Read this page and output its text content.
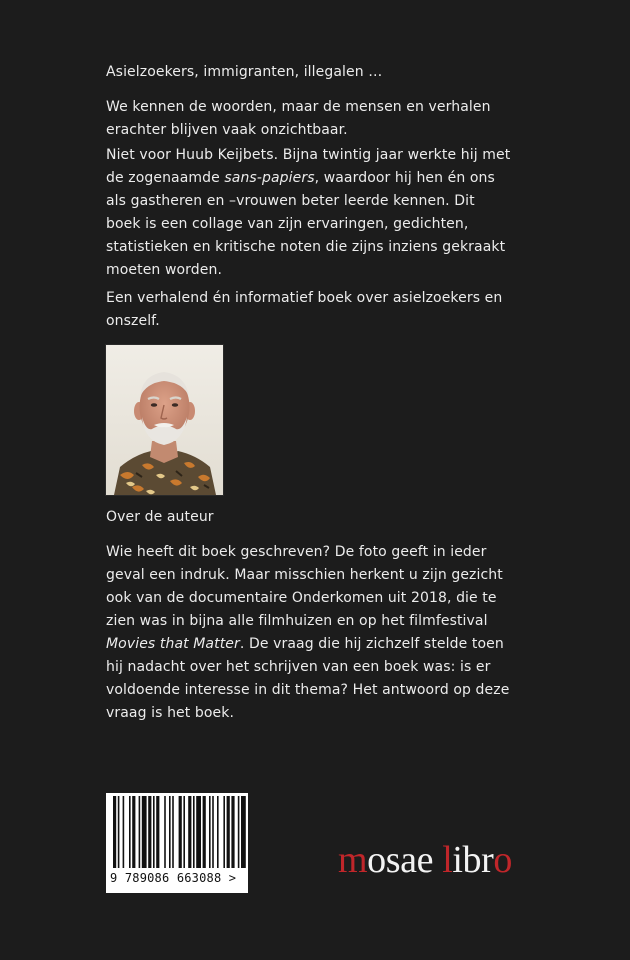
Asielzoekers, immigranten, illegalen …

We kennen de woorden, maar de mensen en verhalen
erachter blijven vaak onzichtbaar.

Niet voor Huub Keijbets. Bijna twintig jaar werkte hij met
de zogenaamde sans-papiers, waardoor hij hen én ons
als gastheren en –vrouwen beter leerde kennen. Dit
boek is een collage van zijn ervaringen, gedichten,
statistieken en kritische noten die zijns inziens gekraakt
moeten worden.

Een verhalend én informatief boek over asielzoekers en
onszelf.

Over de auteur

Wie heeft dit boek geschreven? De foto geeft in ieder
geval een indruk. Maar misschien herkent u zijn gezicht
ook van de documentaire Onderkomen uit 2018, die te
zien was in bijna alle filmhuizen en op het filmfestival
Movies that Matter. De vraag die hij zichzelf stelde toen
hij nadacht over het schrijven van een boek was: is er
voldoende interesse in dit thema? Het antwoord op deze
vraag is het boek.

9 789086 663088 >	mosae libro
